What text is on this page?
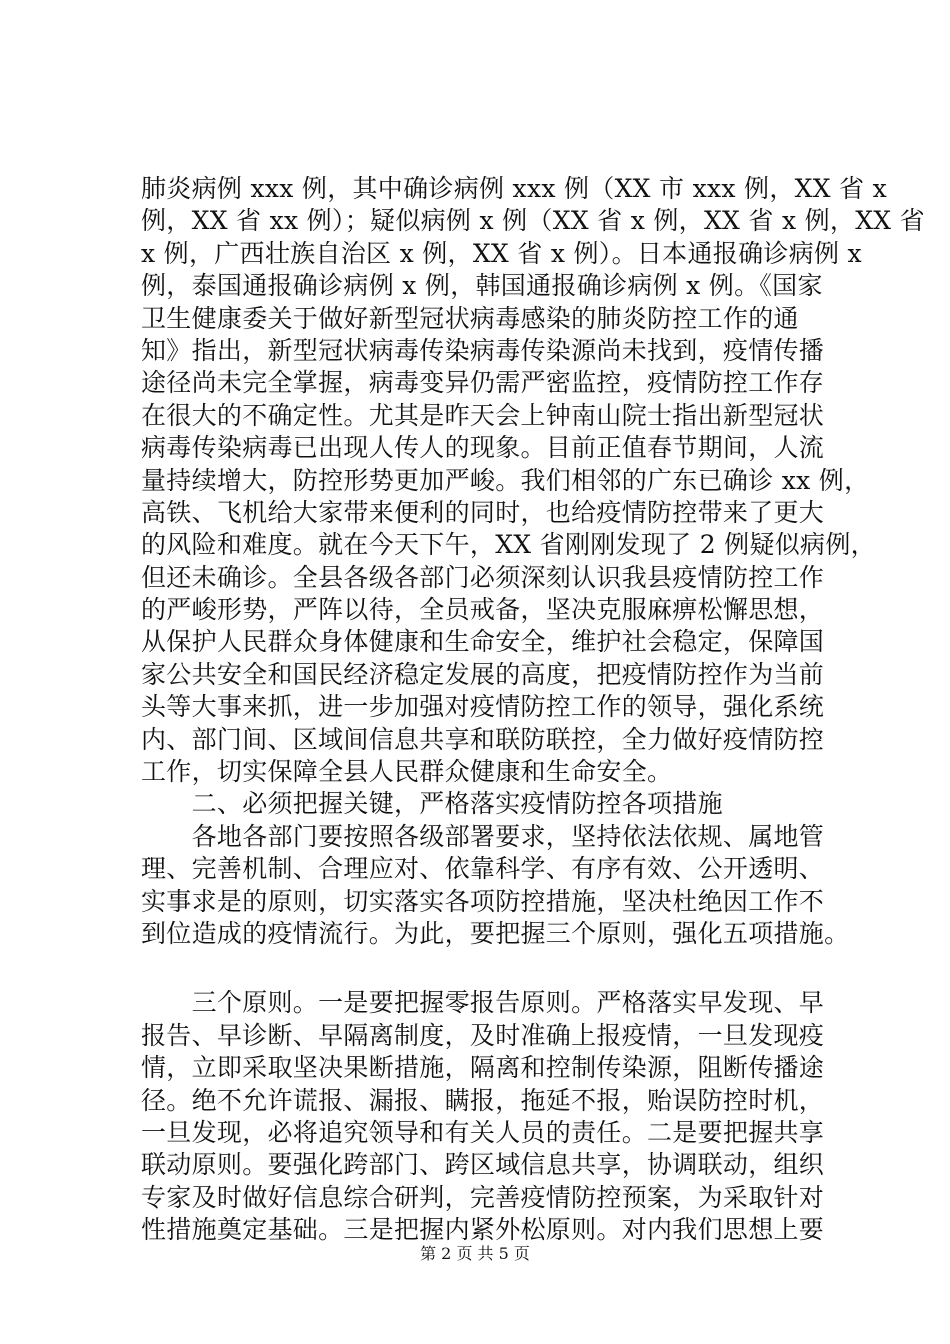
肺炎病例 xxx 例，其中确诊病例 xxx 例（XX 市 xxx 例，XX 省 x
例，XX 省 xx 例）；疑似病例 x 例（XX 省 x 例，XX 省 x 例，XX 省
x 例，广西壮族自治区 x 例，XX 省 x 例）。日本通报确诊病例 x
例，泰国通报确诊病例 x 例，韩国通报确诊病例 x 例。《国家
卫生健康委关于做好新型冠状病毒感染的肺炎防控工作的通
知》指出，新型冠状病毒传染病毒传染源尚未找到，疫情传播
途径尚未完全掌握，病毒变异仍需严密监控，疫情防控工作存
在很大的不确定性。尤其是昨天会上钟南山院士指出新型冠状
病毒传染病毒已出现人传人的现象。目前正值春节期间，人流
量持续增大，防控形势更加严峻。我们相邻的广东已确诊 xx 例，
高铁、飞机给大家带来便利的同时，也给疫情防控带来了更大
的风险和难度。就在今天下午，XX 省刚刚发现了 2 例疑似病例，
但还未确诊。全县各级各部门必须深刻认识我县疫情防控工作
的严峻形势，严阵以待，全员戒备，坚决克服麻痹松懈思想，
从保护人民群众身体健康和生命安全，维护社会稳定，保障国
家公共安全和国民经济稳定发展的高度，把疫情防控作为当前
头等大事来抓，进一步加强对疫情防控工作的领导，强化系统
内、部门间、区域间信息共享和联防联控，全力做好疫情防控
工作，切实保障全县人民群众健康和生命安全。
　　二、必须把握关键，严格落实疫情防控各项措施
　　各地各部门要按照各级部署要求，坚持依法依规、属地管
理、完善机制、合理应对、依靠科学、有序有效、公开透明、
实事求是的原则，切实落实各项防控措施，坚决杜绝因工作不
到位造成的疫情流行。为此，要把握三个原则，强化五项措施。
　　三个原则。一是要把握零报告原则。严格落实早发现、早
报告、早诊断、早隔离制度，及时准确上报疫情，一旦发现疫
情，立即采取坚决果断措施，隔离和控制传染源，阻断传播途
径。绝不允许谎报、漏报、瞒报，拖延不报，贻误防控时机，
一旦发现，必将追究领导和有关人员的责任。二是要把握共享
联动原则。要强化跨部门、跨区域信息共享，协调联动，组织
专家及时做好信息综合研判，完善疫情防控预案，为采取针对
性措施奠定基础。三是把握内紧外松原则。对内我们思想上要
第 2 页 共 5 页
